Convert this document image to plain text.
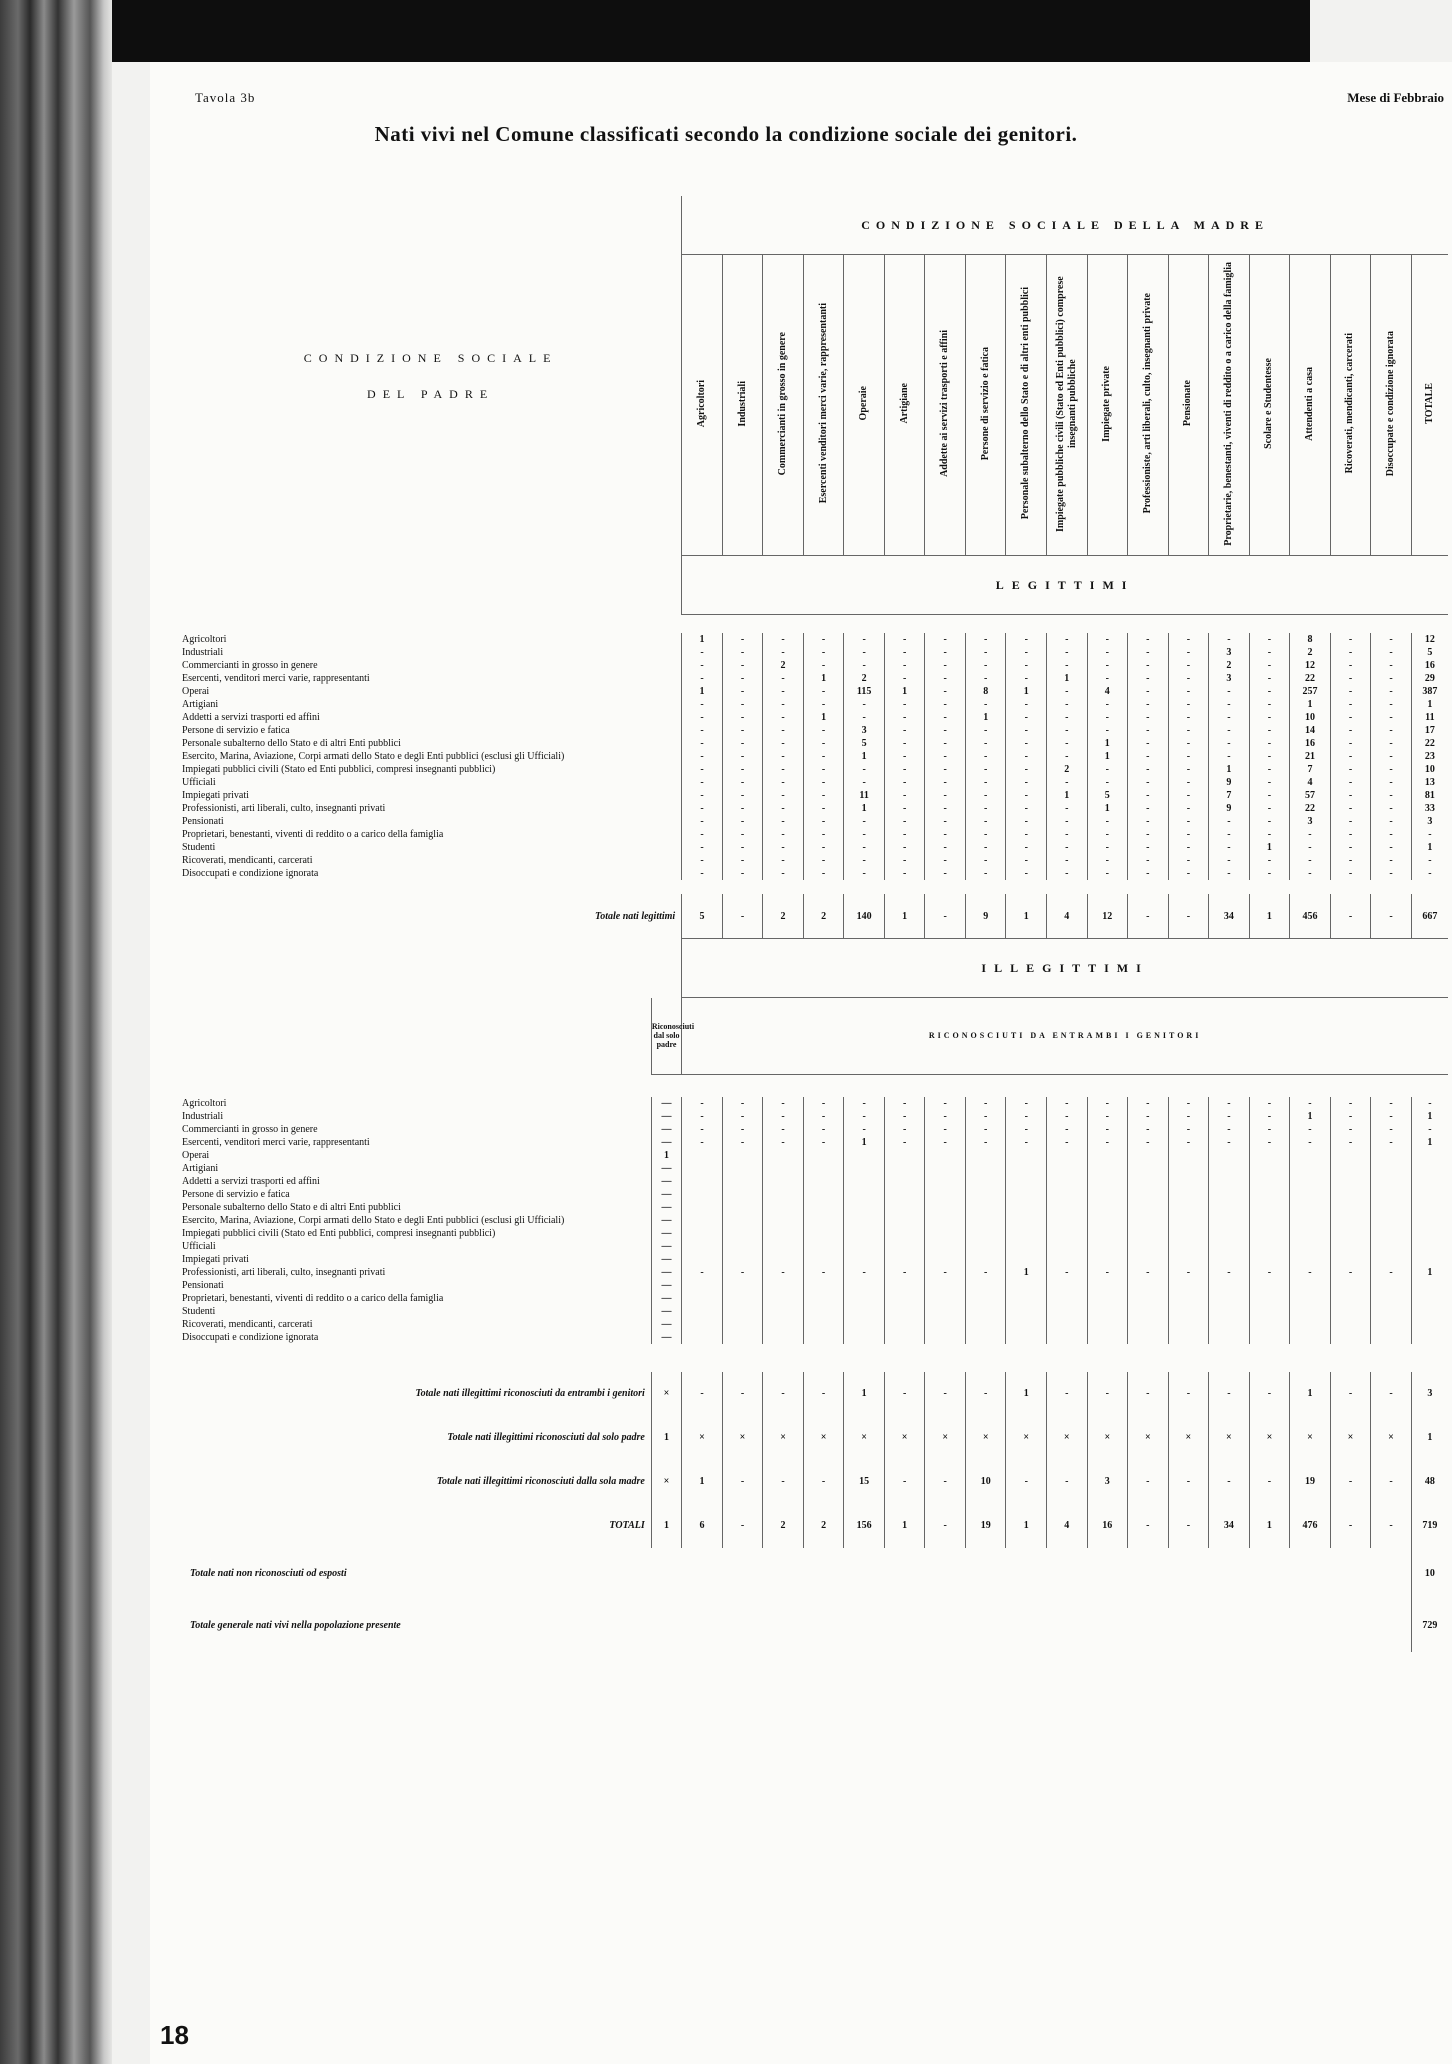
Tavola 3b	Mese di Febbraio
Nati vivi nel Comune classificati secondo la condizione sociale dei genitori.
18
CONDIZIONE SOCIALE
DEL PADRE		CONDIZIONE SOCIALE DELLA MADRE																		
		Agricoltori	Industriali	Commercianti in grosso in genere	Esercenti venditori merci varie, rappresentanti	Operaie	Artigiane	Addette ai servizi trasporti e affini	Persone di servizio e fatica	Personale subalterno dello Stato e di altri enti pubblici	Impiegate pubbliche civili (Stato ed Enti pubblici) comprese insegnanti pubbliche	Impiegate private	Professioniste, arti liberali, culto, insegnanti private	Pensionate	Proprietarie, benestanti, viventi di reddito o a carico della famiglia	Scolare e Studentesse	Attendenti a casa	Ricoverati, mendicanti, carcerati	Disoccupate e condizione ignorata	TOTALE
		LEGITTIMI																		

Agricoltori		1	-	-	-	-	-	-	-	-	-	-	-	-	-	-	8	-	-	12
Industriali		-	-	-	-	-	-	-	-	-	-	-	-	-	3	-	2	-	-	5
Commercianti in grosso in genere		-	-	2	-	-	-	-	-	-	-	-	-	-	2	-	12	-	-	16
Esercenti, venditori merci varie, rappresentanti		-	-	-	1	2	-	-	-	-	1	-	-	-	3	-	22	-	-	29
Operai		1	-	-	-	115	1	-	8	1	-	4	-	-	-	-	257	-	-	387
Artigiani		-	-	-	-	-	-	-	-	-	-	-	-	-	-	-	1	-	-	1
Addetti a servizi trasporti ed affini		-	-	-	1	-	-	-	1	-	-	-	-	-	-	-	10	-	-	11
Persone di servizio e fatica		-	-	-	-	3	-	-	-	-	-	-	-	-	-	-	14	-	-	17
Personale subalterno dello Stato e di altri Enti pubblici		-	-	-	-	5	-	-	-	-	-	1	-	-	-	-	16	-	-	22
Esercito, Marina, Aviazione, Corpi armati dello Stato e degli Enti pubblici (esclusi gli Ufficiali)		-	-	-	-	1	-	-	-	-	-	1	-	-	-	-	21	-	-	23
Impiegati pubblici civili (Stato ed Enti pubblici, compresi insegnanti pubblici)		-	-	-	-	-	-	-	-	-	2	-	-	-	1	-	7	-	-	10
Ufficiali		-	-	-	-	-	-	-	-	-	-	-	-	-	9	-	4	-	-	13
Impiegati privati		-	-	-	-	11	-	-	-	-	1	5	-	-	7	-	57	-	-	81
Professionisti, arti liberali, culto, insegnanti privati		-	-	-	-	1	-	-	-	-	-	1	-	-	9	-	22	-	-	33
Pensionati		-	-	-	-	-	-	-	-	-	-	-	-	-	-	-	3	-	-	3
Proprietari, benestanti, viventi di reddito o a carico della famiglia		-	-	-	-	-	-	-	-	-	-	-	-	-	-	-	-	-	-	-
Studenti		-	-	-	-	-	-	-	-	-	-	-	-	-	-	1	-	-	-	1
Ricoverati, mendicanti, carcerati		-	-	-	-	-	-	-	-	-	-	-	-	-	-	-	-	-	-	-
Disoccupati e condizione ignorata		-	-	-	-	-	-	-	-	-	-	-	-	-	-	-	-	-	-	-

Totale nati legittimi		5	-	2	2	140	1	-	9	1	4	12	-	-	34	1	456	-	-	667
		ILLEGITTIMI																		
	Riconosciuti dal solo padre	RICONOSCIUTI DA ENTRAMBI I GENITORI																		

Agricoltori	—	-	-	-	-	-	-	-	-	-	-	-	-	-	-	-	-	-	-	-
Industriali	—	-	-	-	-	-	-	-	-	-	-	-	-	-	-	-	1	-	-	1
Commercianti in grosso in genere	—	-	-	-	-	-	-	-	-	-	-	-	-	-	-	-	-	-	-	-
Esercenti, venditori merci varie, rappresentanti	—	-	-	-	-	1	-	-	-	-	-	-	-	-	-	-	-	-	-	1
Operai	1																			
Artigiani	—																			
Addetti a servizi trasporti ed affini	—																			
Persone di servizio e fatica	—																			
Personale subalterno dello Stato e di altri Enti pubblici	—																			
Esercito, Marina, Aviazione, Corpi armati dello Stato e degli Enti pubblici (esclusi gli Ufficiali)	—																			
Impiegati pubblici civili (Stato ed Enti pubblici, compresi insegnanti pubblici)	—																			
Ufficiali	—																			
Impiegati privati	—																			
Professionisti, arti liberali, culto, insegnanti privati	—	-	-	-	-	-	-	-	-	1	-	-	-	-	-	-	-	-	-	1
Pensionati	—																			
Proprietari, benestanti, viventi di reddito o a carico della famiglia	—																			
Studenti	—																			
Ricoverati, mendicanti, carcerati	—																			
Disoccupati e condizione ignorata	—																			

Totale nati illegittimi riconosciuti da entrambi i genitori	×	-	-	-	-	1	-	-	-	1	-	-	-	-	-	-	1	-	-	3
Totale nati illegittimi riconosciuti dal solo padre	1	×	×	×	×	×	×	×	×	×	×	×	×	×	×	×	×	×	×	1
Totale nati illegittimi riconosciuti dalla sola madre	×	1	-	-	-	15	-	-	10	-	-	3	-	-	-	-	19	-	-	48
TOTALI	1	6	-	2	2	156	1	-	19	1	4	16	-	-	34	1	476	-	-	719
Totale nati non riconosciuti od esposti																				10
Totale generale nati vivi nella popolazione presente																				729
